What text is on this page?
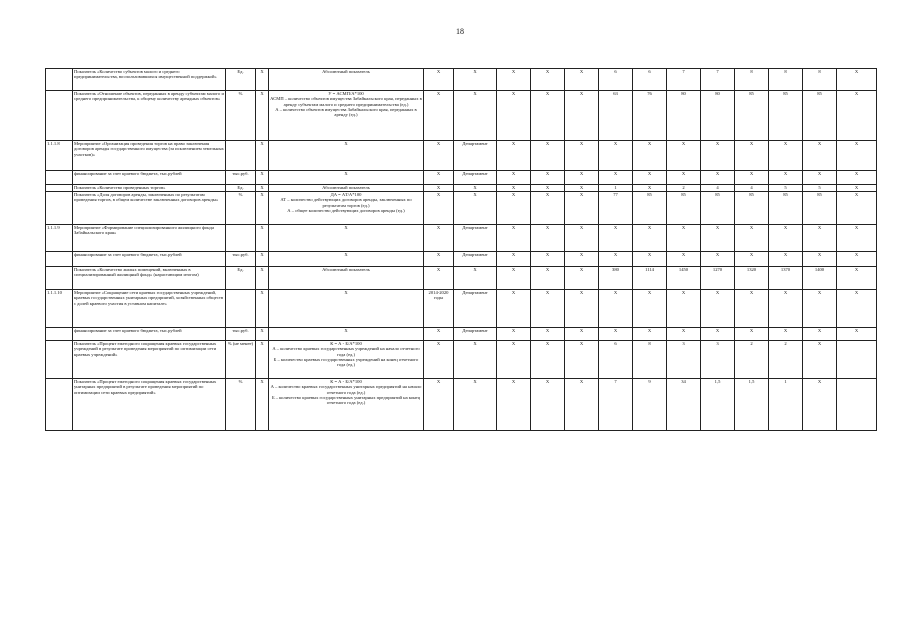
18
	Показатель «Количество субъектов малого и среднего предпринимательства, воспользовавшихся имущественной поддержкой»	Ед.	X	Абсолютный показатель	X	X	X	X	X	6	6	7	7	8	8	8	X
	Показатель «Отношение объектов, переданных в аренду субъектам малого и среднего предпринимательства, к общему количеству арендных объектов»	%	X	У = АСМП/А*100
АСМП – количество объектов имущества Забайкальского края, переданных в аренду субъектам малого и среднего предпринимательства (ед.)
А – количество объектов имущества Забайкальского края, переданных в аренду (ед.)	X	X	X	X	X	63	76	80	80	85	85	85	X
1.1.1.8	Мероприятие «Организация проведения торгов на право заключения договоров аренды государственного имущества (за исключением земельных участков)»		X	X	X	Департамент	X	X	X	X	X	X	X	X	X	X	X
	финансирование за счет краевого бюджета, тыс.рублей	тыс.руб.	X	X	X	Департамент	X	X	X	X	X	X	X	X	X	X	X
	Показатель «Количество проведенных торгов»	Ед.	X	Абсолютный показатель	X	X	X	X	X	1	X	2	4	4	5	5	X
	Показатель «Доля договоров аренды, заключенных по результатам проведения торгов, в общем количестве заключенных договоров аренды»	%	X	ДА = АТ/А*100
АТ – количество действующих договоров аренды, заключенных по результатам торгов (ед.)
А – общее количество действующих договоров аренды (ед.)	X	X	X	X	X	77	85	85	85	85	85	85	X
1.1.1.9	Мероприятие «Формирование специализированного жилищного фонда Забайкальского края»		X	X	X	Департамент	X	X	X	X	X	X	X	X	X	X	X
	финансирование за счет краевого бюджета, тыс.рублей	тыс.руб.	X	X	X	Департамент	X	X	X	X	X	X	X	X	X	X	X
	Показатель «Количество жилых помещений, включенных в специализированный жилищный фонд» (нарастающим итогом)	Ед.	X	Абсолютный показатель	X	X	X	X	X	380	1114	1450	1270	1320	1370	1400	X
1.1.1.10	Мероприятие «Сокращение сети краевых государственных учреждений, краевых государственных унитарных предприятий, хозяйственных обществ с долей краевого участия в уставном капитале»		X	X	2014-2020 годы	Департамент	X	X	X	X	X	X	X	X	X	X	X
	финансирование за счет краевого бюджета, тыс.рублей	тыс.руб.	X	X	X	Департамент	X	X	X	X	X	X	X	X	X	X	X
	Показатель «Процент ежегодного сокращения краевых государственных учреждений в результате проведения мероприятий по оптимизации сети краевых учреждений»	% (не менее)	X	К = А - Б/А*100
А – количество краевых государственных учреждений на начало отчетного года (ед.)
Б – количество краевых государственных учреждений на конец отчетного года (ед.)	X	X	X	X	X	6	8	3	3	2	2	X	
	Показатель «Процент ежегодного сокращения краевых государственных унитарных предприятий в результате проведения мероприятий по оптимизации сети краевых предприятий»	%	X	К = А - Б/А*100
А – количество краевых государственных унитарных предприятий на начало отчетного года (ед.)
Б – количество краевых государственных унитарных предприятий на конец отчетного года (ед.)	X	X	X	X	X	7	9	34	1,5	1,5	1	X	
